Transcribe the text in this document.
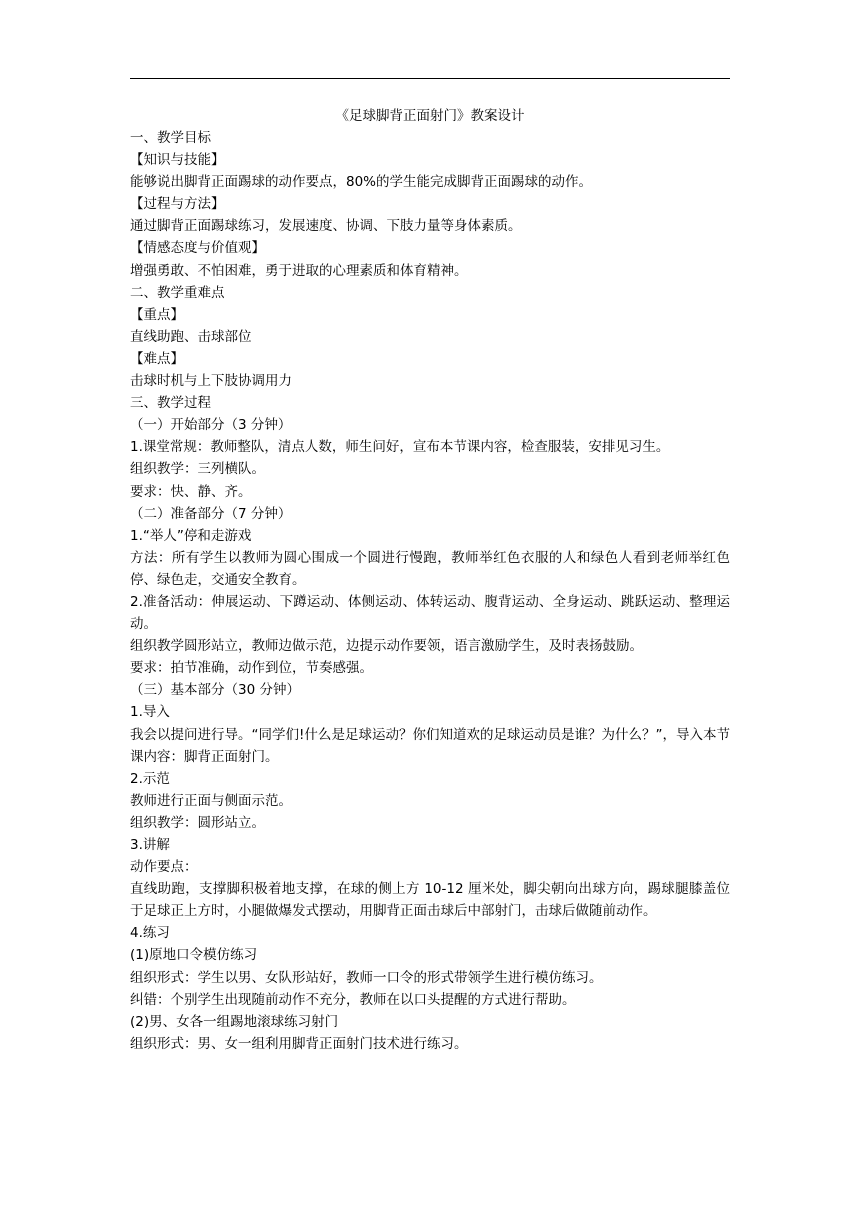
《足球脚背正面射门》教案设计
一、教学目标
【知识与技能】
能够说出脚背正面踢球的动作要点，80%的学生能完成脚背正面踢球的动作。
【过程与方法】
通过脚背正面踢球练习，发展速度、协调、下肢力量等身体素质。
【情感态度与价值观】
增强勇敢、不怕困难，勇于进取的心理素质和体育精神。
二、教学重难点
【重点】
直线助跑、击球部位
【难点】
击球时机与上下肢协调用力
三、教学过程
（一）开始部分（3 分钟）
1.课堂常规：教师整队，清点人数，师生问好，宣布本节课内容，检查服装，安排见习生。
组织教学：三列横队。
要求：快、静、齐。
（二）准备部分（7 分钟）
1.“举人”停和走游戏
方法：所有学生以教师为圆心围成一个圆进行慢跑，教师举红色衣服的人和绿色人看到老师举红色停、绿色走，交通安全教育。
2.准备活动：伸展运动、下蹲运动、体侧运动、体转运动、腹背运动、全身运动、跳跃运动、整理运动。
组织教学圆形站立，教师边做示范，边提示动作要领，语言激励学生，及时表扬鼓励。
要求：拍节准确，动作到位，节奏感强。
（三）基本部分（30 分钟）
1.导入
我会以提问进行导。“同学们!什么是足球运动？你们知道欢的足球运动员是谁？为什么？”，导入本节课内容：脚背正面射门。
2.示范
教师进行正面与侧面示范。
组织教学：圆形站立。
3.讲解
动作要点：
直线助跑，支撑脚积极着地支撑，在球的侧上方 10-12 厘米处，脚尖朝向出球方向，踢球腿膝盖位于足球正上方时，小腿做爆发式摆动，用脚背正面击球后中部射门，击球后做随前动作。
4.练习
(1)原地口令模仿练习
组织形式：学生以男、女队形站好，教师一口令的形式带领学生进行模仿练习。
纠错：个别学生出现随前动作不充分，教师在以口头提醒的方式进行帮助。
(2)男、女各一组踢地滚球练习射门
组织形式：男、女一组利用脚背正面射门技术进行练习。
